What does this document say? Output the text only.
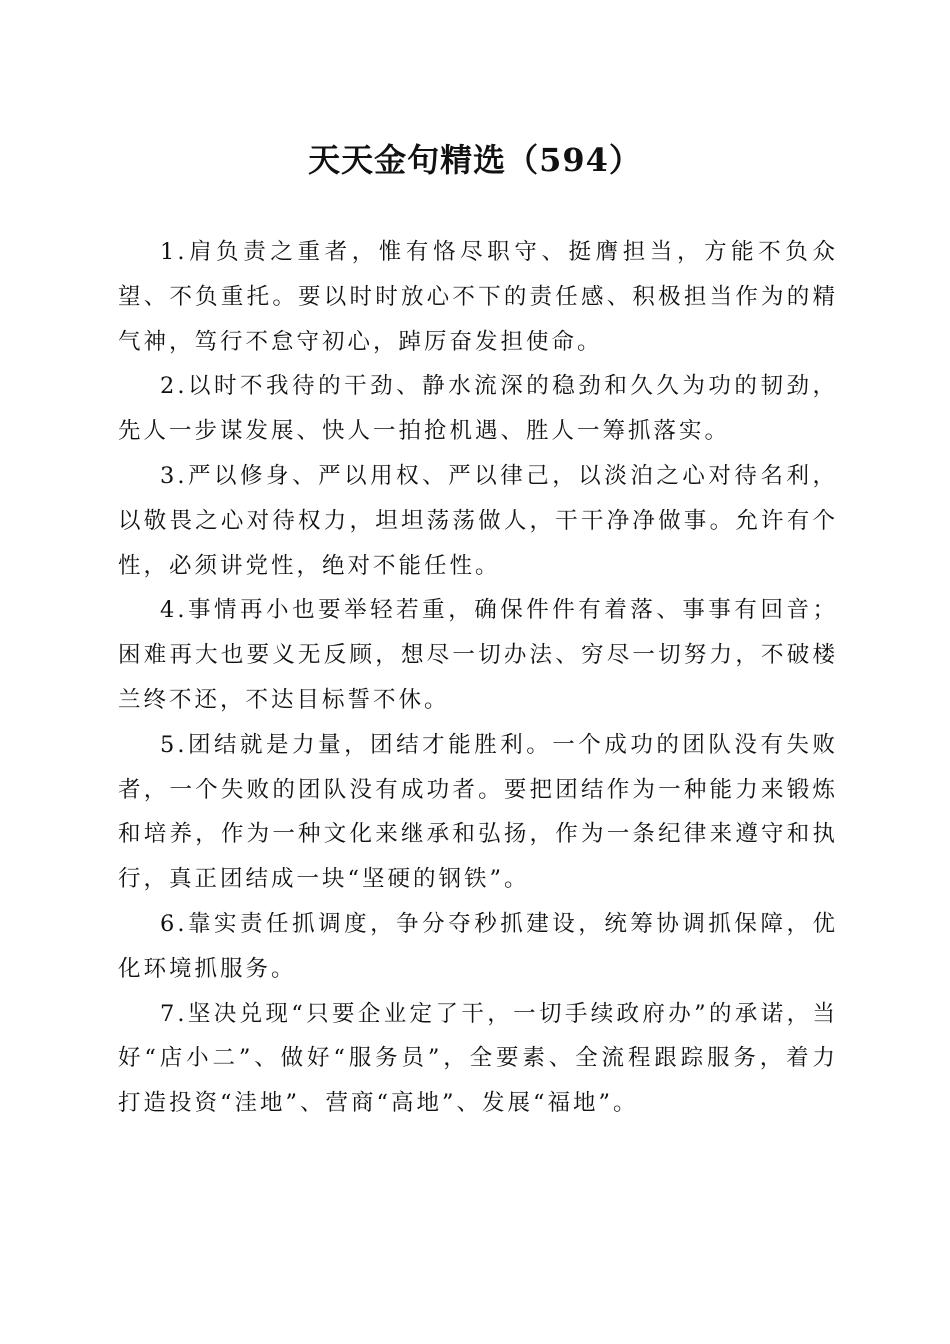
天天金句精选（594）

1.肩负责之重者，惟有恪尽职守、挺膺担当，方能不负众望、不负重托。要以时时放心不下的责任感、积极担当作为的精气神，笃行不怠守初心，踔厉奋发担使命。

2.以时不我待的干劲、静水流深的稳劲和久久为功的韧劲，先人一步谋发展、快人一拍抢机遇、胜人一筹抓落实。

3.严以修身、严以用权、严以律己，以淡泊之心对待名利，以敬畏之心对待权力，坦坦荡荡做人，干干净净做事。允许有个性，必须讲党性，绝对不能任性。

4.事情再小也要举轻若重，确保件件有着落、事事有回音；困难再大也要义无反顾，想尽一切办法、穷尽一切努力，不破楼兰终不还，不达目标誓不休。

5.团结就是力量，团结才能胜利。一个成功的团队没有失败者，一个失败的团队没有成功者。要把团结作为一种能力来锻炼和培养，作为一种文化来继承和弘扬，作为一条纪律来遵守和执行，真正团结成一块“坚硬的钢铁”。

6.靠实责任抓调度，争分夺秒抓建设，统筹协调抓保障，优化环境抓服务。

7.坚决兑现“只要企业定了干，一切手续政府办”的承诺，当好“店小二”、做好“服务员”，全要素、全流程跟踪服务，着力打造投资“洼地”、营商“高地”、发展“福地”。
